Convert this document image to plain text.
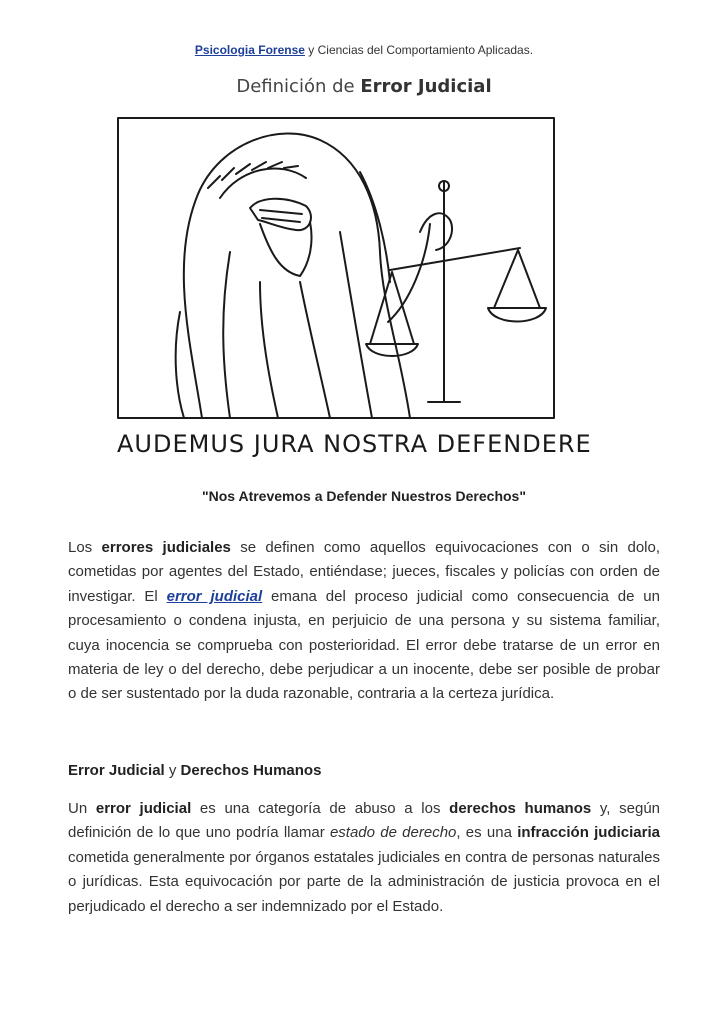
Psicologia Forense y Ciencias del Comportamiento Aplicadas.
Definición de Error Judicial
AUDEMUS JURA NOSTRA DEFENDERE
"Nos Atrevemos a Defender Nuestros Derechos"

Los errores judiciales se definen como aquellos equivocaciones con o sin dolo, cometidas por agentes del Estado, entiéndase; jueces, fiscales y policías con orden de investigar. El error judicial emana del proceso judicial como consecuencia de un procesamiento o condena injusta, en perjuicio de una persona y su sistema familiar, cuya inocencia se comprueba con posterioridad. El error debe tratarse de un error en materia de ley o del derecho, debe perjudicar a un inocente, debe ser posible de probar o de ser sustentado por la duda razonable, contraria a la certeza jurídica.

Error Judicial y Derechos Humanos

Un error judicial es una categoría de abuso a los derechos humanos y, según definición de lo que uno podría llamar estado de derecho, es una infracción judiciaria cometida generalmente por órganos estatales judiciales en contra de personas naturales o jurídicas. Esta equivocación por parte de la administración de justicia provoca en el perjudicado el derecho a ser indemnizado por el Estado.
